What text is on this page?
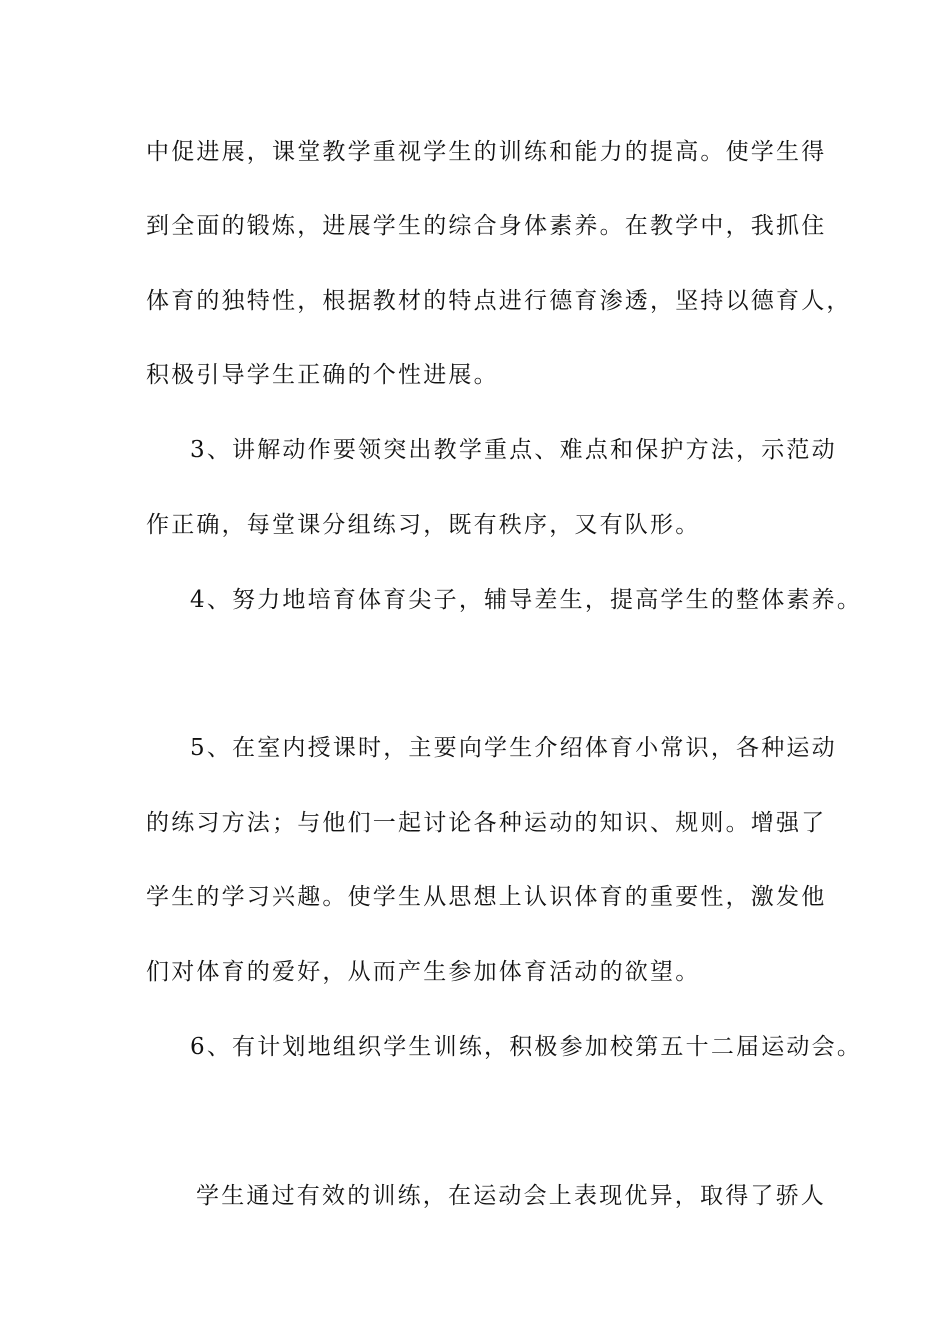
中促进展，课堂教学重视学生的训练和能力的提高。使学生得
到全面的锻炼，进展学生的综合身体素养。在教学中，我抓住
体育的独特性，根据教材的特点进行德育渗透，坚持以德育人，
积极引导学生正确的个性进展。
3、讲解动作要领突出教学重点、难点和保护方法，示范动
作正确，每堂课分组练习，既有秩序，又有队形。
4、努力地培育体育尖子，辅导差生，提高学生的整体素养。
5、在室内授课时，主要向学生介绍体育小常识，各种运动
的练习方法；与他们一起讨论各种运动的知识、规则。增强了
学生的学习兴趣。使学生从思想上认识体育的重要性，激发他
们对体育的爱好，从而产生参加体育活动的欲望。
6、有计划地组织学生训练，积极参加校第五十二届运动会。
学生通过有效的训练，在运动会上表现优异，取得了骄人
